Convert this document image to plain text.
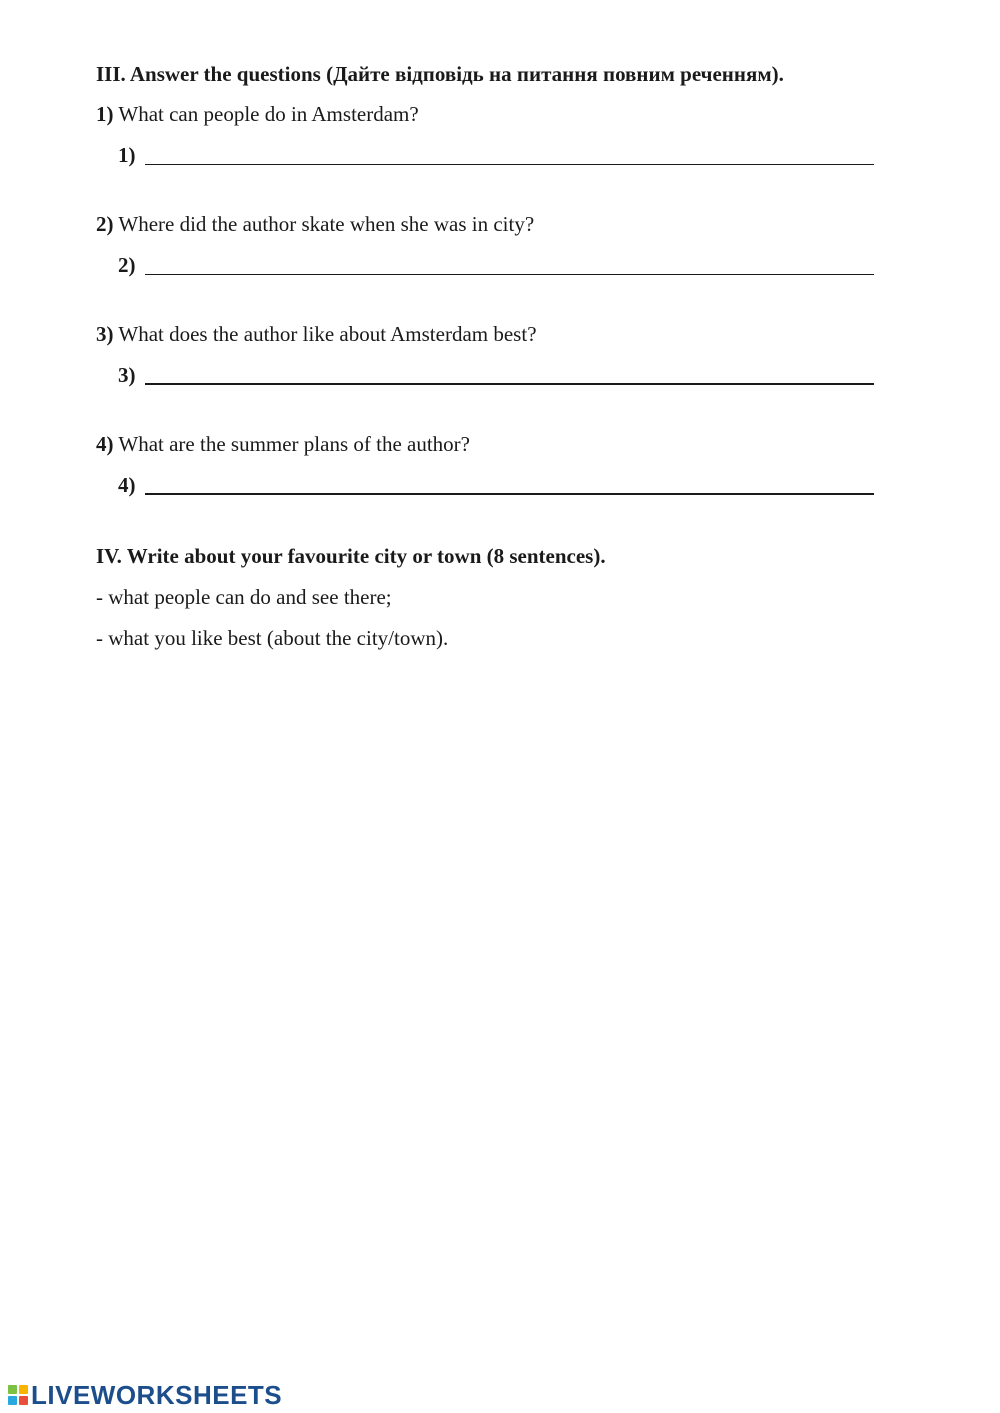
III. Answer the questions (Дайте відповідь на питання повним реченням).
1) What can people do in Amsterdam?
1)
2) Where did the author skate when she was in city?
2)
3) What does the author like about Amsterdam best?
3)
4) What are the summer plans of the author?
4)
IV. Write about your favourite city or town (8 sentences).
- what people can do and see there;
- what you like best (about the city/town).
LIVEWORKSHEETS
